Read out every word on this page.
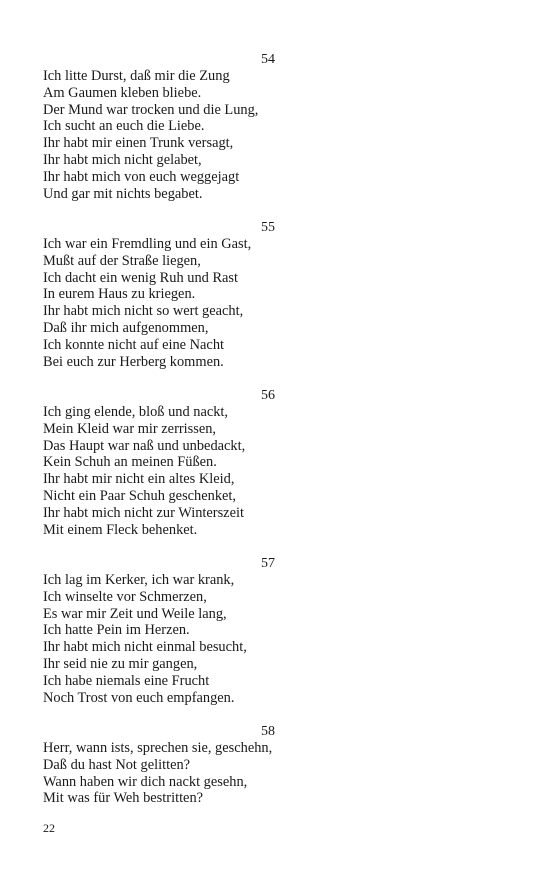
54
Ich litte Durst, daß mir die Zung
Am Gaumen kleben bliebe.
Der Mund war trocken und die Lung,
Ich sucht an euch die Liebe.
Ihr habt mir einen Trunk versagt,
Ihr habt mich nicht gelabet,
Ihr habt mich von euch weggejagt
Und gar mit nichts begabet.
55
Ich war ein Fremdling und ein Gast,
Mußt auf der Straße liegen,
Ich dacht ein wenig Ruh und Rast
In eurem Haus zu kriegen.
Ihr habt mich nicht so wert geacht,
Daß ihr mich aufgenommen,
Ich konnte nicht auf eine Nacht
Bei euch zur Herberg kommen.
56
Ich ging elende, bloß und nackt,
Mein Kleid war mir zerrissen,
Das Haupt war naß und unbedackt,
Kein Schuh an meinen Füßen.
Ihr habt mir nicht ein altes Kleid,
Nicht ein Paar Schuh geschenket,
Ihr habt mich nicht zur Winterszeit
Mit einem Fleck behenket.
57
Ich lag im Kerker, ich war krank,
Ich winselte vor Schmerzen,
Es war mir Zeit und Weile lang,
Ich hatte Pein im Herzen.
Ihr habt mich nicht einmal besucht,
Ihr seid nie zu mir gangen,
Ich habe niemals eine Frucht
Noch Trost von euch empfangen.
58
Herr, wann ists, sprechen sie, geschehn,
Daß du hast Not gelitten?
Wann haben wir dich nackt gesehn,
Mit was für Weh bestritten?
22
